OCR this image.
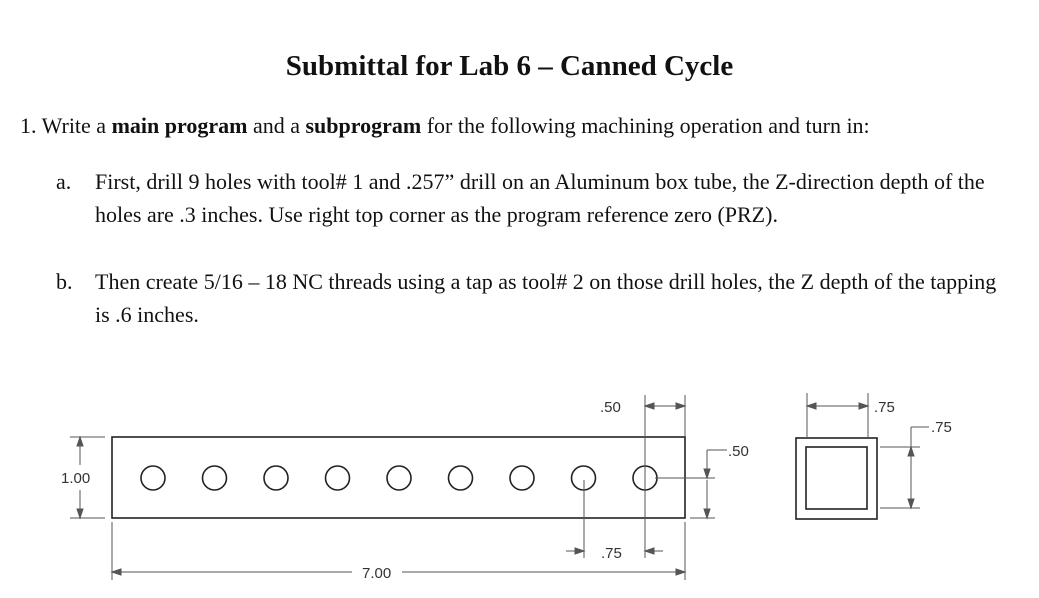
Submittal for Lab 6 – Canned Cycle
1. Write a main program and a subprogram for the following machining operation and turn in:
a. First, drill 9 holes with tool# 1 and .257” drill on an Aluminum box tube, the Z-direction depth of the holes are .3 inches. Use right top corner as the program reference zero (PRZ).
b. Then create 5/16 – 18 NC threads using a tap as tool# 2 on those drill holes, the Z depth of the tapping is .6 inches.
1.00
7.00
.50
.75
.50
.75
.75
